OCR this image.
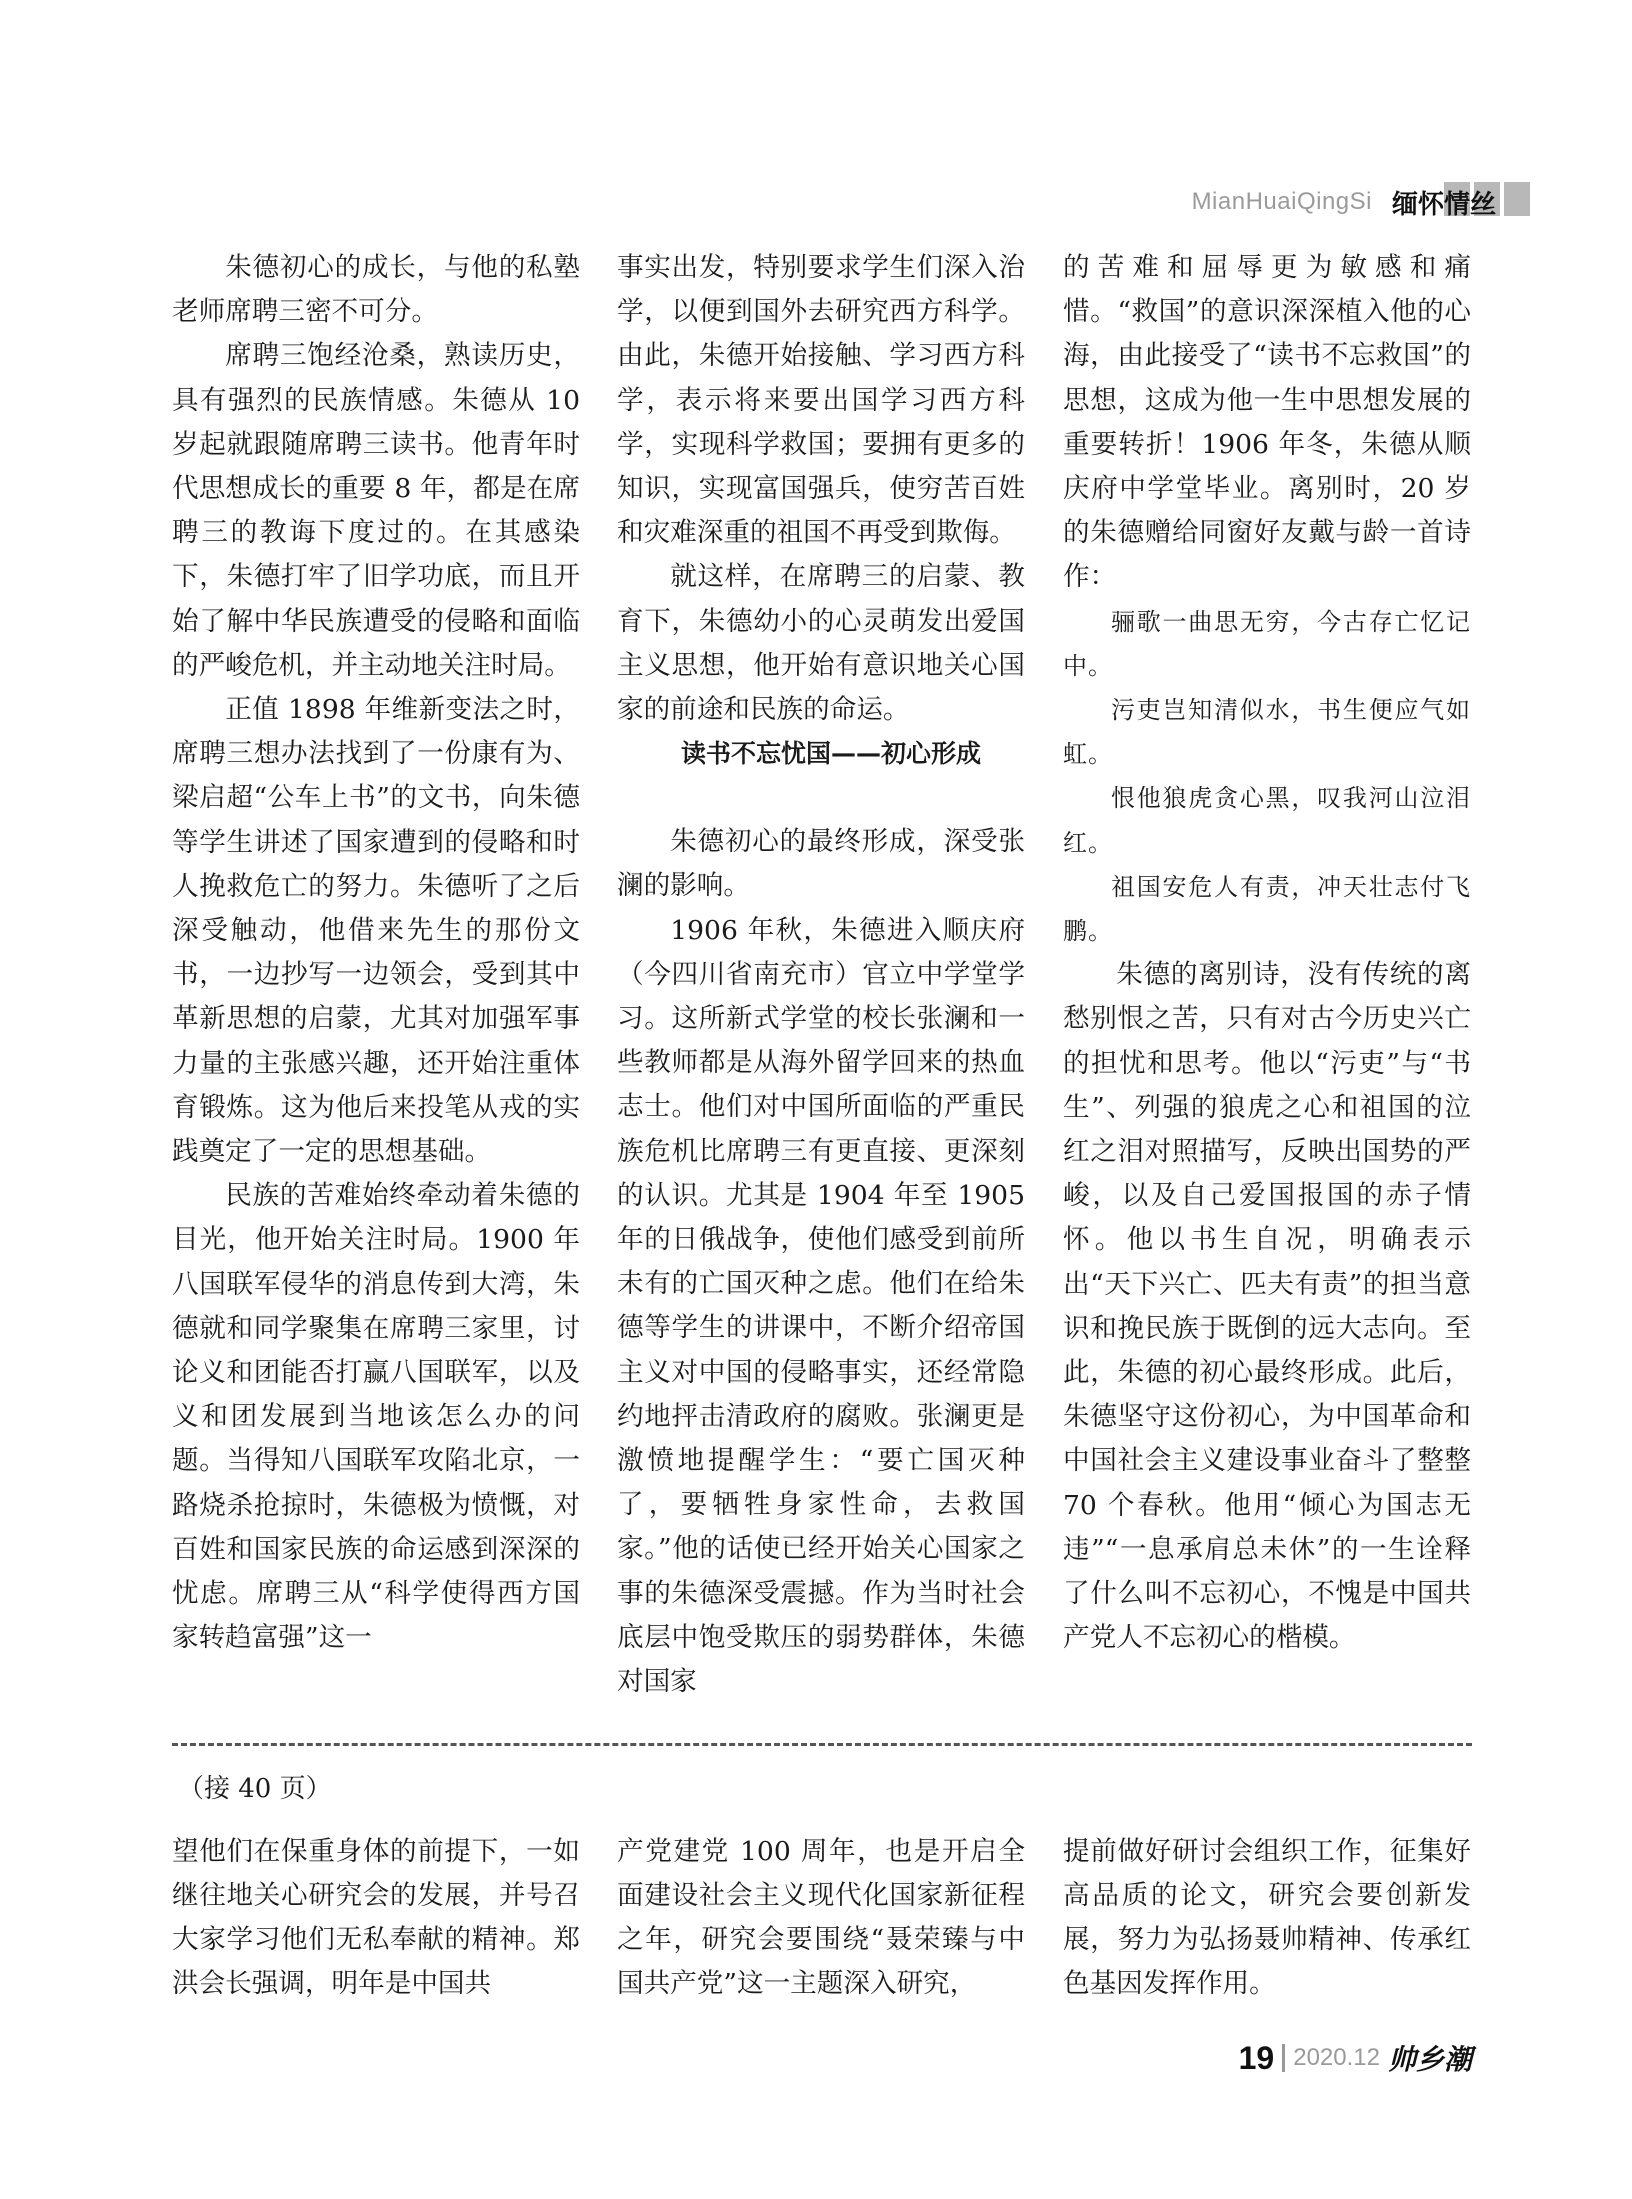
MianHuaiQingSi 缅怀情丝

朱德初心的成长，与他的私塾老师席聘三密不可分。

席聘三饱经沧桑，熟读历史，具有强烈的民族情感。朱德从 10 岁起就跟随席聘三读书。他青年时代思想成长的重要 8 年，都是在席聘三的教诲下度过的。在其感染下，朱德打牢了旧学功底，而且开始了解中华民族遭受的侵略和面临的严峻危机，并主动地关注时局。

正值 1898 年维新变法之时，席聘三想办法找到了一份康有为、梁启超“公车上书”的文书，向朱德等学生讲述了国家遭到的侵略和时人挽救危亡的努力。朱德听了之后深受触动，他借来先生的那份文书，一边抄写一边领会，受到其中革新思想的启蒙，尤其对加强军事力量的主张感兴趣，还开始注重体育锻炼。这为他后来投笔从戎的实践奠定了一定的思想基础。

民族的苦难始终牵动着朱德的目光，他开始关注时局。1900 年八国联军侵华的消息传到大湾，朱德就和同学聚集在席聘三家里，讨论义和团能否打赢八国联军，以及义和团发展到当地该怎么办的问题。当得知八国联军攻陷北京，一路烧杀抢掠时，朱德极为愤慨，对百姓和国家民族的命运感到深深的忧虑。席聘三从“科学使得西方国家转趋富强”这一

事实出发，特别要求学生们深入治学，以便到国外去研究西方科学。由此，朱德开始接触、学习西方科学，表示将来要出国学习西方科学，实现科学救国；要拥有更多的知识，实现富国强兵，使穷苦百姓和灾难深重的祖国不再受到欺侮。

就这样，在席聘三的启蒙、教育下，朱德幼小的心灵萌发出爱国主义思想，他开始有意识地关心国家的前途和民族的命运。

读书不忘忧国——初心形成

朱德初心的最终形成，深受张澜的影响。

1906 年秋，朱德进入顺庆府（今四川省南充市）官立中学堂学习。这所新式学堂的校长张澜和一些教师都是从海外留学回来的热血志士。他们对中国所面临的严重民族危机比席聘三有更直接、更深刻的认识。尤其是 1904 年至 1905 年的日俄战争，使他们感受到前所未有的亡国灭种之虑。他们在给朱德等学生的讲课中，不断介绍帝国主义对中国的侵略事实，还经常隐约地抨击清政府的腐败。张澜更是激愤地提醒学生：“要亡国灭种了，要牺牲身家性命，去救国家。”他的话使已经开始关心国家之事的朱德深受震撼。作为当时社会底层中饱受欺压的弱势群体，朱德对国家

的苦难和屈辱更为敏感和痛惜。“救国”的意识深深植入他的心海，由此接受了“读书不忘救国”的思想，这成为他一生中思想发展的重要转折！1906 年冬，朱德从顺庆府中学堂毕业。离别时，20 岁的朱德赠给同窗好友戴与龄一首诗作：

骊歌一曲思无穷，今古存亡忆记中。

污吏岂知清似水，书生便应气如虹。

恨他狼虎贪心黑，叹我河山泣泪红。

祖国安危人有责，冲天壮志付飞鹏。

朱德的离别诗，没有传统的离愁别恨之苦，只有对古今历史兴亡的担忧和思考。他以“污吏”与“书生”、列强的狼虎之心和祖国的泣红之泪对照描写，反映出国势的严峻，以及自己爱国报国的赤子情怀。他以书生自况，明确表示出“天下兴亡、匹夫有责”的担当意识和挽民族于既倒的远大志向。至此，朱德的初心最终形成。此后，朱德坚守这份初心，为中国革命和中国社会主义建设事业奋斗了整整 70 个春秋。他用“倾心为国志无违”“一息承肩总未休”的一生诠释了什么叫不忘初心，不愧是中国共产党人不忘初心的楷模。

（接 40 页）

望他们在保重身体的前提下，一如继往地关心研究会的发展，并号召大家学习他们无私奉献的精神。郑洪会长强调，明年是中国共

产党建党 100 周年，也是开启全面建设社会主义现代化国家新征程之年，研究会要围绕“聂荣臻与中国共产党”这一主题深入研究，

提前做好研讨会组织工作，征集好高品质的论文，研究会要创新发展，努力为弘扬聂帅精神、传承红色基因发挥作用。

19 2020.12 帅乡潮
